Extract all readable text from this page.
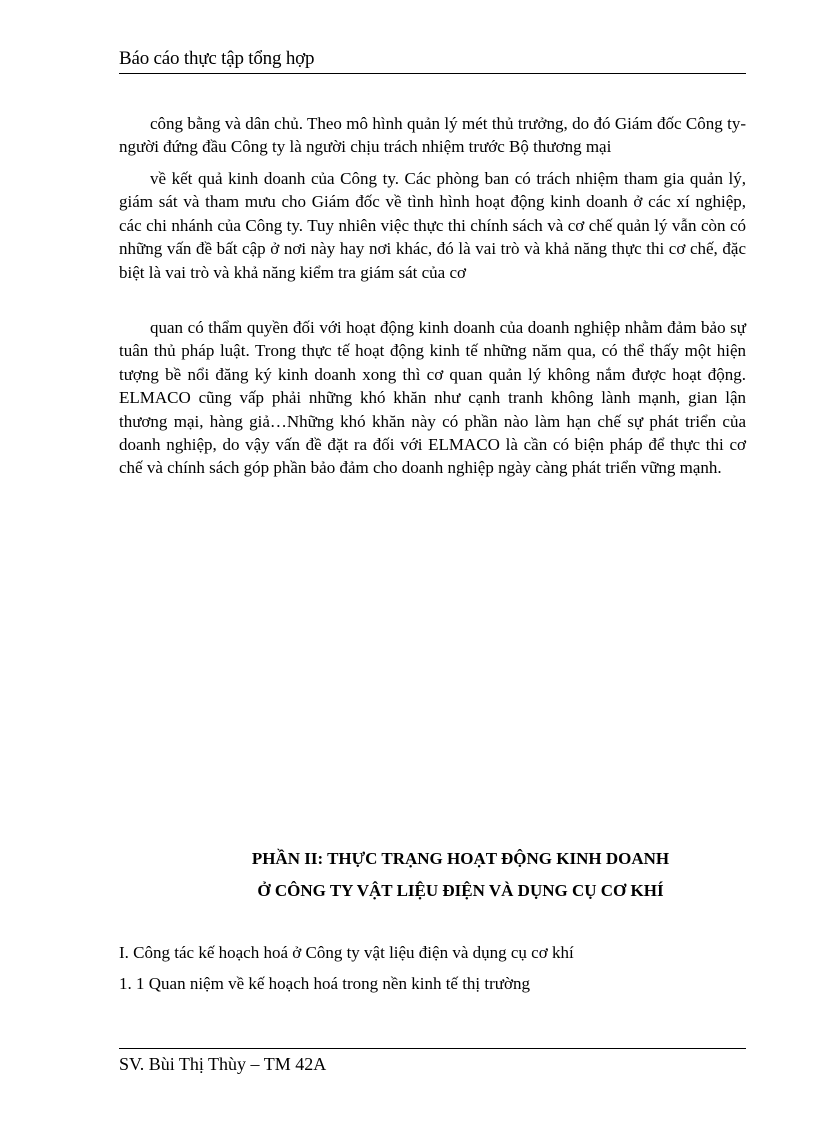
Báo cáo thực tập tổng hợp

công bằng và dân chủ. Theo mô hình quản lý mét thủ trưởng, do đó Giám đốc Công ty- người đứng đầu Công ty là người chịu trách nhiệm trước Bộ thương mại

về kết quả kinh doanh của Công ty. Các phòng ban có trách nhiệm tham gia quản lý, giám sát và tham mưu cho Giám đốc về tình hình hoạt động kinh doanh ở các xí nghiệp, các chi nhánh của Công ty. Tuy nhiên việc thực thi chính sách và cơ chế quản lý vẫn còn có những vấn đề bất cập ở nơi này hay nơi khác, đó là vai trò và khả năng thực thi cơ chế, đặc biệt là vai trò và khả năng kiểm tra giám sát của cơ

quan có thẩm quyền đối với hoạt động kinh doanh của doanh nghiệp nhằm đảm bảo sự tuân thủ pháp luật. Trong thực tế hoạt động kinh tế những năm qua, có thể thấy một hiện tượng bề nổi đăng ký kinh doanh xong thì cơ quan quản lý không nắm được hoạt động. ELMACO cũng vấp phải những khó khăn như cạnh tranh không lành mạnh, gian lận thương mại, hàng giả…Những khó khăn này có phần nào làm hạn chế sự phát triển của doanh nghiệp, do vậy vấn đề đặt ra đối với ELMACO là cần có biện pháp để thực thi cơ chế và chính sách góp phần bảo đảm cho doanh nghiệp ngày càng phát triển vững mạnh.

PHẦN II: THỰC TRẠNG HOẠT ĐỘNG KINH DOANH

Ở CÔNG TY VẬT LIỆU ĐIỆN VÀ DỤNG CỤ CƠ KHÍ

I. Công tác kế hoạch hoá ở Công ty vật liệu điện và dụng cụ cơ khí

1. 1 Quan niệm về kế hoạch hoá trong nền kinh tế thị trường

SV. Bùi Thị Thùy – TM 42A
